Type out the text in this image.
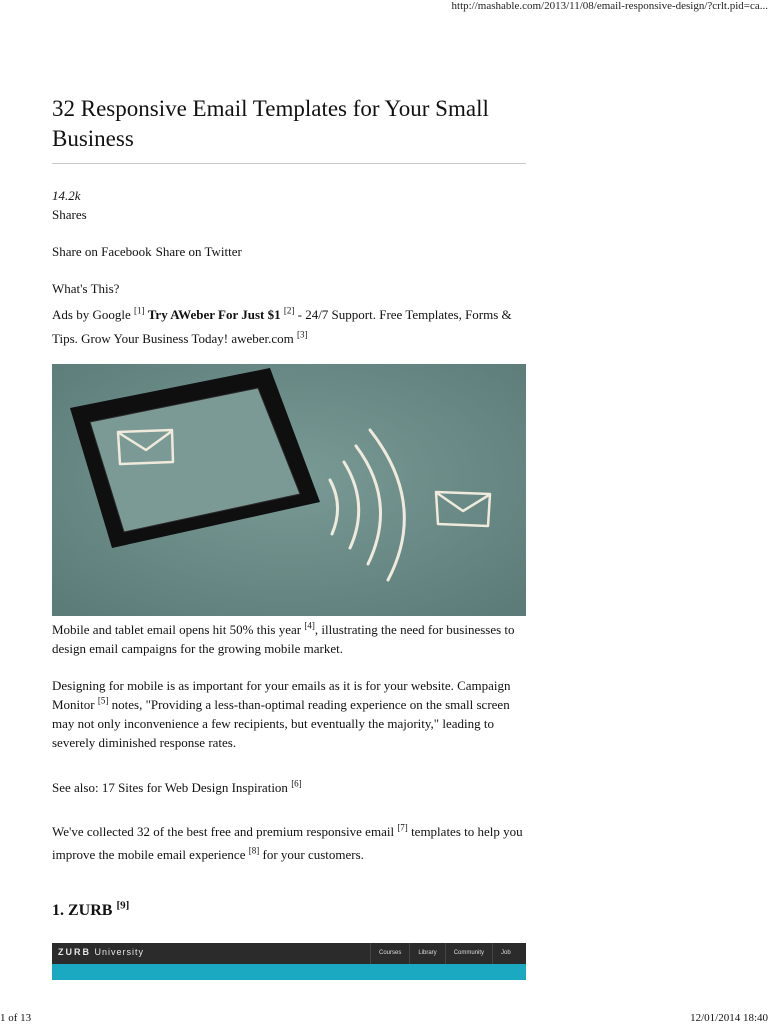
http://mashable.com/2013/11/08/email-responsive-design/?crlt.pid=ca...
32 Responsive Email Templates for Your Small Business
14.2k
Shares
Share on Facebook Share on Twitter
What's This?
Ads by Google [1] Try AWeber For Just $1 [2] - 24/7 Support. Free Templates, Forms & Tips. Grow Your Business Today! aweber.com [3]
Mobile and tablet email opens hit 50% this year [4], illustrating the need for businesses to design email campaigns for the growing mobile market.
Designing for mobile is as important for your emails as it is for your website. Campaign Monitor [5] notes, "Providing a less-than-optimal reading experience on the small screen may not only inconvenience a few recipients, but eventually the majority," leading to severely diminished response rates.
See also: 17 Sites for Web Design Inspiration [6]
We've collected 32 of the best free and premium responsive email [7] templates to help you improve the mobile email experience [8] for your customers.
1. ZURB [9]
ZURB University	Courses	Library	Community	Job
1 of 13	12/01/2014 18:40
